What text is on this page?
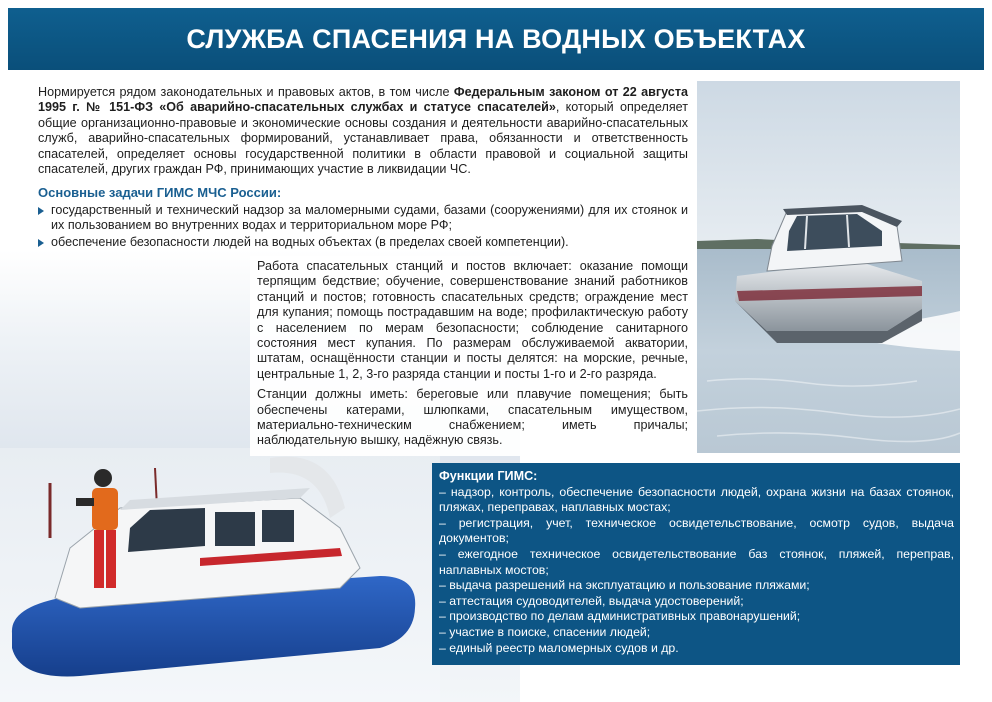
СЛУЖБА СПАСЕНИЯ НА ВОДНЫХ ОБЪЕКТАХ
Нормируется рядом законодательных и правовых актов, в том числе Федеральным законом от 22 августа 1995 г. № 151-ФЗ «Об аварийно-спасательных службах и статусе спасателей», который определяет общие организационно-правовые и экономические основы создания и деятельности аварийно-спасательных служб, аварийно-спасательных формирований, устанавливает права, обязанности и ответственность спасателей, определяет основы государственной политики в области правовой и социальной защиты спасателей, других граждан РФ, принимающих участие в ликвидации ЧС.
Основные задачи ГИМС МЧС России:
государственный и технический надзор за маломерными судами, базами (сооружениями) для их стоянок и их пользованием во внутренних водах и территориальном море РФ;
обеспечение безопасности людей на водных объектах (в пределах своей компетенции).

Работа спасательных станций и постов включает: оказание помощи терпящим бедствие; обучение, совершенствование знаний работников станций и постов; готовность спасательных средств; ограждение мест для купания; помощь пострадавшим на воде; профилактическую работу с населением по мерам безопасности; соблюдение санитарного состояния мест купания. По размерам обслуживаемой акватории, штатам, оснащённости станции и посты делятся: на морские, речные, центральные 1, 2, 3-го разряда станции и посты 1-го и 2-го разряда.

Станции должны иметь: береговые или плавучие помещения; быть обеспечены катерами, шлюпками, спасательным имуществом, материально-техническим снабжением; иметь причалы; наблюдательную вышку, надёжную связь.

Функции ГИМС:
– надзор, контроль, обеспечение безопасности людей, охрана жизни на базах стоянок, пляжах, переправах, наплавных мостах;
– регистрация, учет, техническое освидетельствование, осмотр судов, выдача документов;
– ежегодное техническое освидетельствование баз стоянок, пляжей, переправ, наплавных мостов;
– выдача разрешений на эксплуатацию и пользование пляжами;
– аттестация судоводителей, выдача удостоверений;
– производство по делам административных правонарушений;
– участие в поиске, спасении людей;
– единый реестр маломерных судов и др.
